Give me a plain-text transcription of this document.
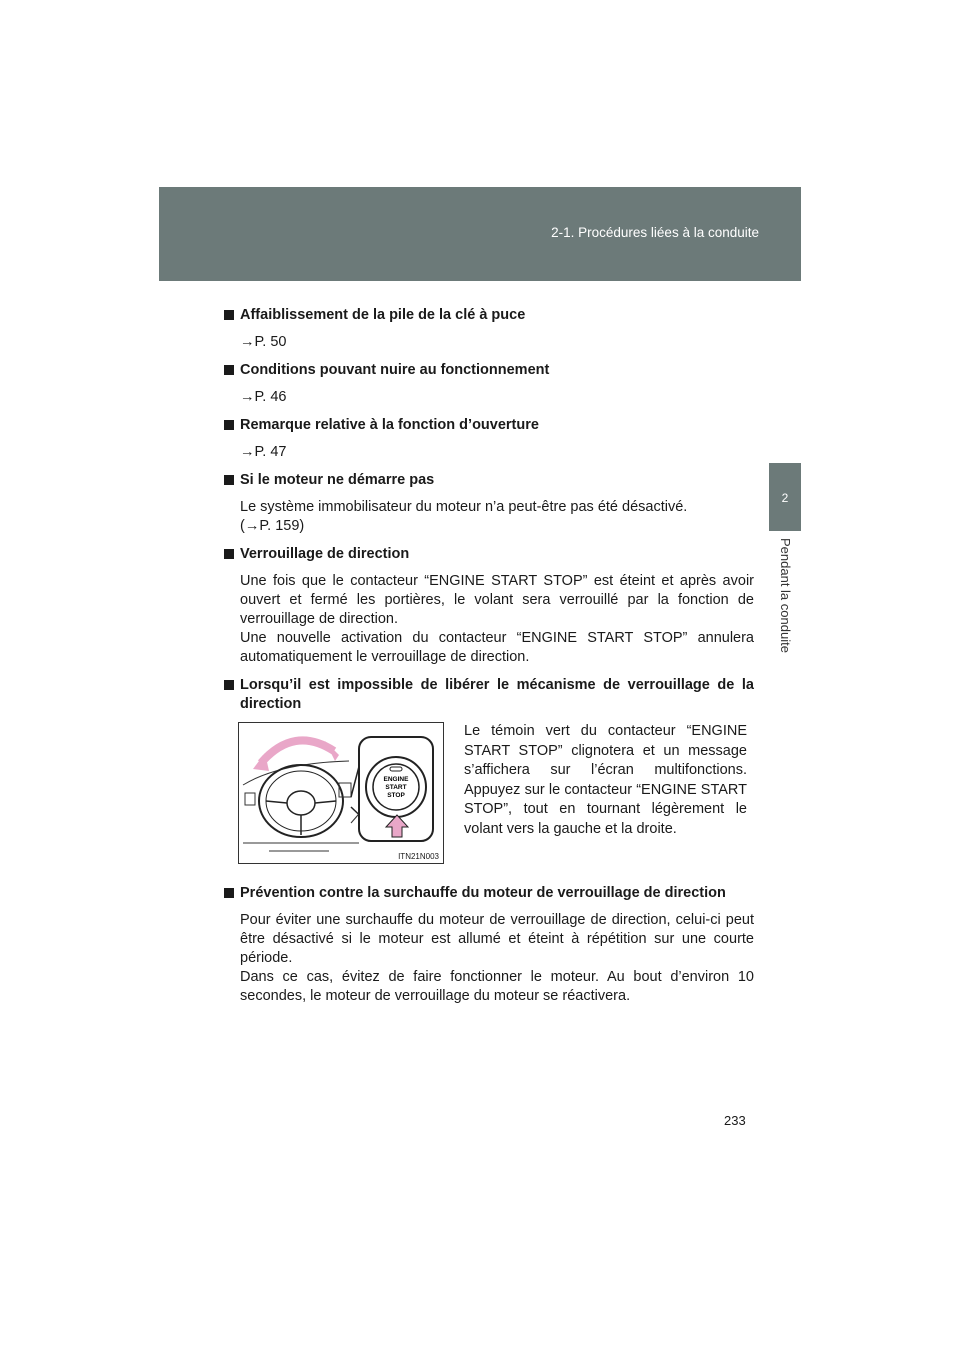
2-1. Procédures liées à la conduite
2
Pendant la conduite
Affaiblissement de la pile de la clé à puce
→P. 50
Conditions pouvant nuire au fonctionnement
→P. 46
Remarque relative à la fonction d’ouverture
→P. 47
Si le moteur ne démarre pas

Le système immobilisateur du moteur n’a peut-être pas été désactivé.

(→P. 159)

Verrouillage de direction

Une fois que le contacteur “ENGINE START STOP” est éteint et après avoir ouvert et fermé les portières, le volant sera verrouillé par la fonction de verrouillage de direction.

Une nouvelle activation du contacteur “ENGINE START STOP” annulera automatiquement le verrouillage de direction.

Lorsqu’il est impossible de libérer le mécanisme de verrouillage de la direction
ENGINE
START
STOP
ITN21N003
Le témoin vert du contacteur “ENGINE START STOP” clignotera et un message s’affichera sur l’écran multifonctions. Appuyez sur le contacteur “ENGINE START STOP”, tout en tournant légèrement le volant vers la gauche et la droite.
Prévention contre la surchauffe du moteur de verrouillage de direction

Pour éviter une surchauffe du moteur de verrouillage de direction, celui-ci peut être désactivé si le moteur est allumé et éteint à répétition sur une courte période.

Dans ce cas, évitez de faire fonctionner le moteur. Au bout d’environ 10 secondes, le moteur de verrouillage du moteur se réactivera.

233
